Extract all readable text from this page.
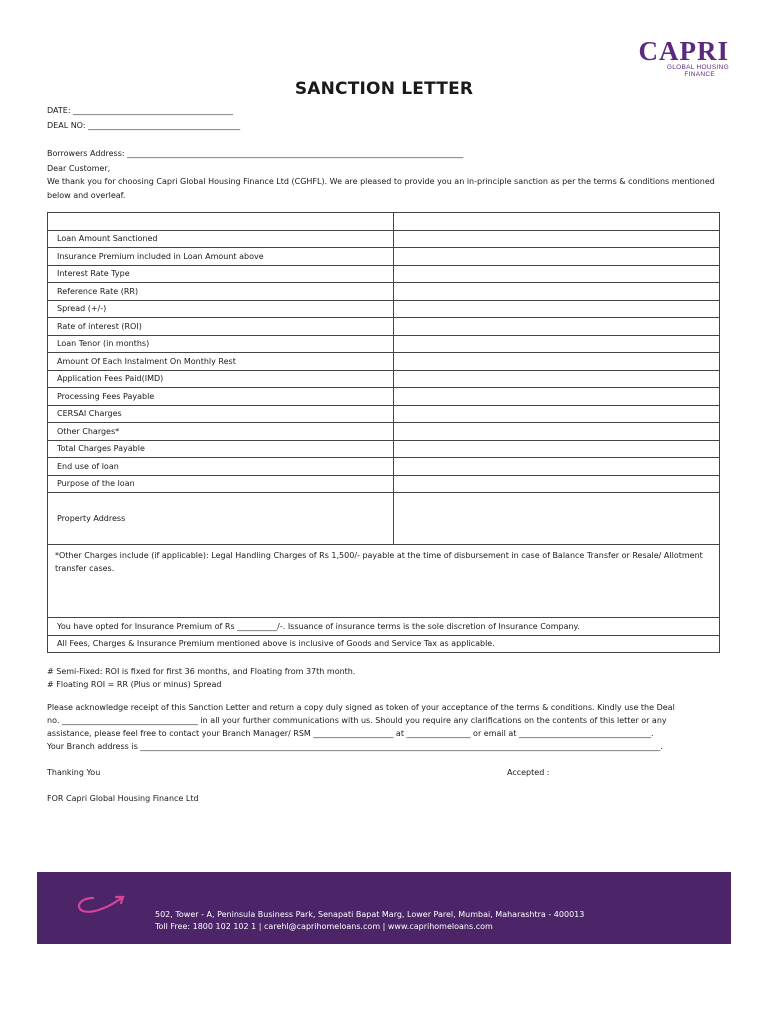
CAPRI
GLOBAL HOUSING
FINANCE
SANCTION LETTER
DATE: ________________________________________
DEAL NO: ______________________________________
Borrowers Address: ____________________________________________________________________________________
Dear Customer,
We thank you for choosing Capri Global Housing Finance Ltd (CGHFL). We are pleased to provide you an in-principle sanction as per the terms & conditions mentioned below and overleaf.

Loan Amount Sanctioned	
Insurance Premium included in Loan Amount above	
Interest Rate Type	
Reference Rate (RR)	
Spread (+/-)	
Rate of interest (ROI)	
Loan Tenor (in months)	
Amount Of Each Instalment On Monthly Rest	
Application Fees Paid(IMD)	
Processing Fees Payable	
CERSAI Charges	
Other Charges*	
Total Charges Payable	
End use of loan	
Purpose of the loan	
Property Address	
*Other Charges include (if applicable): Legal Handling Charges of Rs 1,500/- payable at the time of disbursement in case of Balance Transfer or Resale/ Allotment transfer cases.	
You have opted for Insurance Premium of Rs __________/-. Issuance of insurance terms is the sole discretion of Insurance Company.	
All Fees, Charges & Insurance Premium mentioned above is inclusive of Goods and Service Tax as applicable.	
# Semi-Fixed: ROI is fixed for first 36 months, and Floating from 37th month.
# Floating ROI = RR (Plus or minus) Spread
Please acknowledge receipt of this Sanction Letter and return a copy duly signed as token of your acceptance of the terms & conditions. Kindly use the Deal
no. __________________________________ in all your further communications with us. Should you require any clarifications on the contents of this letter or any
assistance, please feel free to contact your Branch Manager/ RSM ____________________ at ________________ or email at _________________________________.
Your Branch address is __________________________________________________________________________________________________________________________________.
Thanking You	Accepted :
FOR Capri Global Housing Finance Ltd
502, Tower - A, Peninsula Business Park, Senapati Bapat Marg, Lower Parel, Mumbai, Maharashtra - 400013
Toll Free: 1800 102 102 1 | carehl@caprihomeloans.com | www.caprihomeloans.com
